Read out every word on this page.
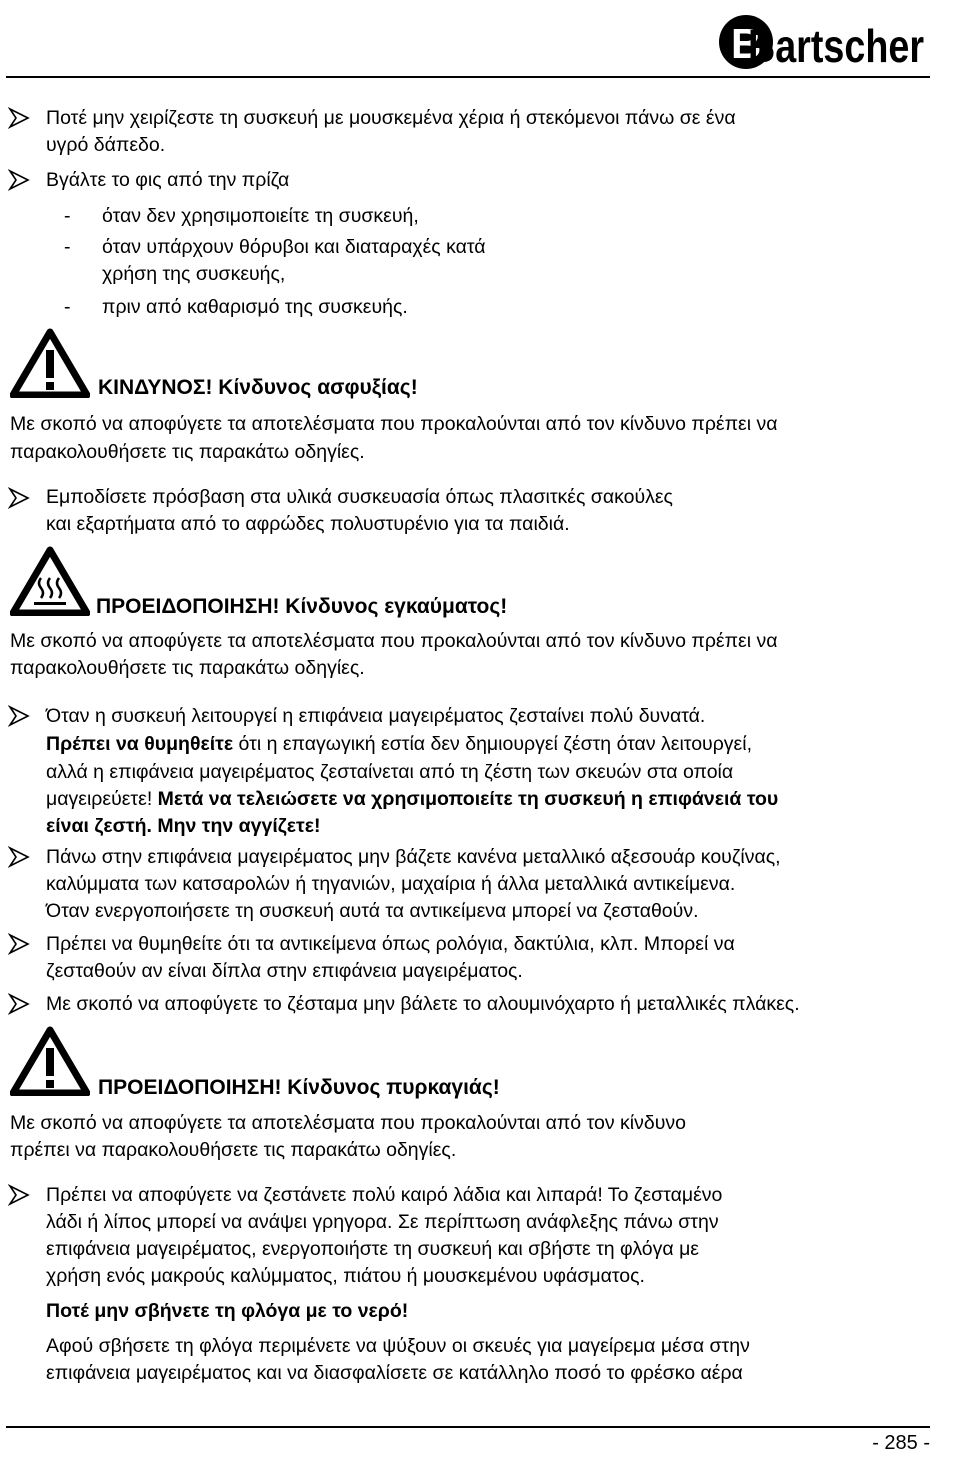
B
Bartscher
Ποτέ μην χειρίζεστε τη συσκευή με μουσκεμένα χέρια ή στεκόμενοι πάνω σε ένα
υγρό δάπεδο.
Βγάλτε το φις από την πρίζα
- όταν δεν χρησιμοποιείτε τη συσκευή,
- όταν υπάρχουν θόρυβοι και διαταραχές κατά
χρήση της συσκευής,
- πριν από καθαρισμό της συσκευής.
ΚΙΝΔΥΝΟΣ! Κίνδυνος ασφυξίας!
Με σκοπό να αποφύγετε τα αποτελέσματα που προκαλούνται από τον κίνδυνο πρέπει να
παρακολουθήσετε τις παρακάτω οδηγίες.
Εμποδίσετε πρόσβαση στα υλικά συσκευασία όπως πλασιτκές σακούλες
και εξαρτήματα από το αφρώδες πολυστυρένιο για τα παιδιά.
ΠΡΟΕΙΔΟΠΟΙΗΣΗ! Κίνδυνος εγκαύματος!
Με σκοπό να αποφύγετε τα αποτελέσματα που προκαλούνται από τον κίνδυνο πρέπει να
παρακολουθήσετε τις παρακάτω οδηγίες.
Όταν η συσκευή λειτουργεί η επιφάνεια μαγειρέματος ζεσταίνει πολύ δυνατά.
Πρέπει να θυμηθείτε ότι η επαγωγική εστία δεν δημιουργεί ζέστη όταν λειτουργεί,
αλλά η επιφάνεια μαγειρέματος ζεσταίνεται από τη ζέστη των σκευών στα οποία
μαγειρεύετε! Μετά να τελειώσετε να χρησιμοποιείτε τη συσκευή η επιφάνειά του
είναι ζεστή. Μην την αγγίζετε!
Πάνω στην επιφάνεια μαγειρέματος μην βάζετε κανένα μεταλλικό αξεσουάρ κουζίνας,
καλύμματα των κατσαρολών ή τηγανιών, μαχαίρια ή άλλα μεταλλικά αντικείμενα.
Όταν ενεργοποιήσετε τη συσκευή αυτά τα αντικείμενα μπορεί να ζεσταθούν.
Πρέπει να θυμηθείτε ότι τα αντικείμενα όπως ρολόγια, δακτύλια, κλπ. Μπορεί να
ζεσταθούν αν είναι δίπλα στην επιφάνεια μαγειρέματος.
Με σκοπό να αποφύγετε το ζέσταμα μην βάλετε το αλουμινόχαρτο ή μεταλλικές πλάκες.
ΠΡΟΕΙΔΟΠΟΙΗΣΗ! Κίνδυνος πυρκαγιάς!
Με σκοπό να αποφύγετε τα αποτελέσματα που προκαλούνται από τον κίνδυνο
πρέπει να παρακολουθήσετε τις παρακάτω οδηγίες.
Πρέπει να αποφύγετε να ζεστάνετε πολύ καιρό λάδια και λιπαρά! Το ζεσταμένο
λάδι ή λίπος μπορεί να ανάψει γρηγορα. Σε περίπτωση ανάφλεξης πάνω στην
επιφάνεια μαγειρέματος, ενεργοποιήστε τη συσκευή και σβήστε τη φλόγα με
χρήση ενός μακρούς καλύμματος, πιάτου ή μουσκεμένου υφάσματος.
Ποτέ μην σβήνετε τη φλόγα με το νερό!
Αφού σβήσετε τη φλόγα περιμένετε να ψύξουν οι σκευές για μαγείρεμα μέσα στην
επιφάνεια μαγειρέματος και να διασφαλίσετε σε κατάλληλο ποσό το φρέσκο αέρα
- 285 -
